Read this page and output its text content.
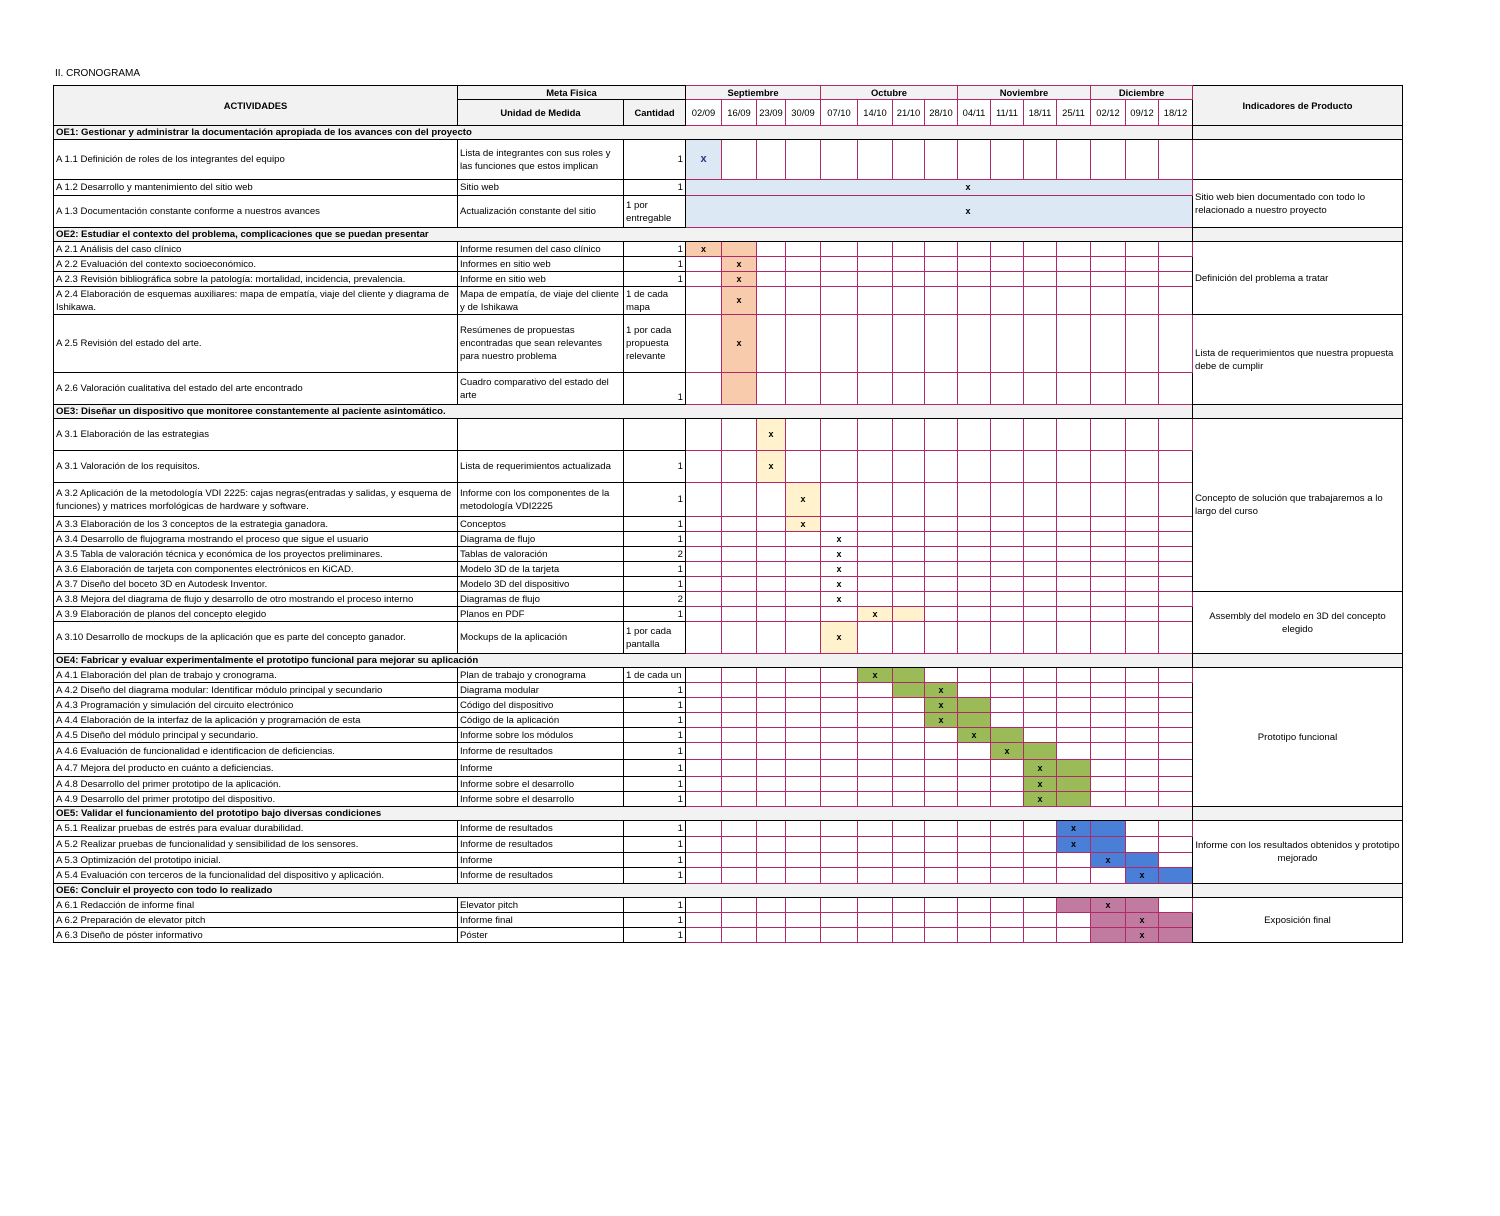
II. CRONOGRAMA
ACTIVIDADES	Meta Fisica		Septiembre				Octubre				Noviembre				Diciembre			Indicadores de Producto
	Unidad de Medida	Cantidad	02/09	16/09	23/09	30/09	07/10	14/10	21/10	28/10	04/11	11/11	18/11	25/11	02/12	09/12	18/12	
OE1: Gestionar y administrar la documentación apropiada de los avances con del proyecto																		
A 1.1 Definición de roles de los integrantes del equipo	Lista de integrantes con sus roles y las funciones que estos implican	1	x															
A 1.2 Desarrollo y mantenimiento del sitio web	Sitio web	1	x															Sitio web bien documentado con todo lo relacionado a nuestro proyecto
A 1.3 Documentación constante conforme a nuestros avances	Actualización constante del sitio	1 por entregable	x															
OE2: Estudiar el contexto del problema, complicaciones que se puedan presentar																		
A 2.1 Análisis del caso clínico	Informe resumen del caso clínico	1	x															Definición del problema a tratar
A 2.2 Evaluación del contexto socioeconómico.	Informes en sitio web	1		x														
A 2.3 Revisión bibliográfica sobre la patología: mortalidad, incidencia, prevalencia.	Informe en sitio web	1		x														
A 2.4 Elaboración de esquemas auxiliares: mapa de empatía, viaje del cliente y diagrama de Ishikawa.	Mapa de empatía, de viaje del cliente y de Ishikawa	1 de cada mapa		x														
A 2.5 Revisión del estado del arte.	Resúmenes de propuestas encontradas que sean relevantes para nuestro problema	1 por cada propuesta relevante		x														Lista de requerimientos que nuestra propuesta debe de cumplir
A 2.6 Valoración cualitativa del estado del arte encontrado	Cuadro comparativo del estado del arte	1																
OE3: Diseñar un dispositivo que monitoree constantemente al paciente asintomático.																		
A 3.1 Elaboración de las estrategias					x													Concepto de solución que trabajaremos a lo largo del curso
A 3.1 Valoración de los requisitos.	Lista de requerimientos actualizada	1			x													
A 3.2 Aplicación de la metodología VDI 2225: cajas negras(entradas y salidas, y esquema de funciones) y matrices morfológicas de hardware y software.	Informe con los componentes de la metodología VDI2225	1				x												
A 3.3 Elaboración de los 3 conceptos de la estrategia ganadora.	Conceptos	1				x												
A 3.4 Desarrollo de flujograma mostrando el proceso que sigue el usuario	Diagrama de flujo	1					x											
A 3.5 Tabla de valoración técnica y económica de los proyectos preliminares.	Tablas de valoración	2					x											
A 3.6 Elaboración de tarjeta con componentes electrónicos en KiCAD.	Modelo 3D de la tarjeta	1					x											
A 3.7 Diseño del boceto 3D en Autodesk Inventor.	Modelo 3D del dispositivo	1					x											
A 3.8 Mejora del diagrama de flujo y desarrollo de otro mostrando el proceso interno	Diagramas de flujo	2					x											Assembly del modelo en 3D del concepto elegido
A 3.9 Elaboración de planos del concepto elegido	Planos en PDF	1						x										
A 3.10 Desarrollo de mockups de la aplicación que es parte del concepto ganador.	Mockups de la aplicación	1 por cada pantalla					x											
OE4: Fabricar y evaluar experimentalmente el prototipo funcional para mejorar su aplicación																		
A 4.1 Elaboración del plan de trabajo y cronograma.	Plan de trabajo y cronograma	1 de cada un						x										Prototipo funcional
A 4.2 Diseño del diagrama modular: Identificar módulo principal y secundario	Diagrama modular	1								x								
A 4.3 Programación y simulación del circuito electrónico	Código del dispositivo	1								x								
A 4.4 Elaboración de la interfaz de la aplicación y programación de esta	Código de la aplicación	1								x								
A 4.5 Diseño del módulo principal y secundario.	Informe sobre los módulos	1									x							
A 4.6 Evaluación de funcionalidad e identificacion de deficiencias.	Informe de resultados	1										x						
A 4.7 Mejora del producto en cuánto a deficiencias.	Informe	1											x					
A 4.8 Desarrollo del primer prototipo de la aplicación.	Informe sobre el desarrollo	1											x					
A 4.9 Desarrollo del primer prototipo del dispositivo.	Informe sobre el desarrollo	1											x					
OE5: Validar el funcionamiento del prototipo bajo diversas condiciones																		
A 5.1 Realizar pruebas de estrés para evaluar durabilidad.	Informe de resultados	1												x				Informe con los resultados obtenidos y prototipo mejorado
A 5.2 Realizar pruebas de funcionalidad y sensibilidad de los sensores.	Informe de resultados	1												x				
A 5.3 Optimización del prototipo inicial.	Informe	1													x			
A 5.4 Evaluación con terceros de la funcionalidad del dispositivo y aplicación.	Informe de resultados	1														x		
OE6: Concluir el proyecto con todo lo realizado																		
A 6.1 Redacción de informe final	Elevator pitch	1													x			Exposición final
A 6.2 Preparación de elevator pitch	Informe final	1														x		
A 6.3 Diseño de póster informativo	Póster	1														x		
